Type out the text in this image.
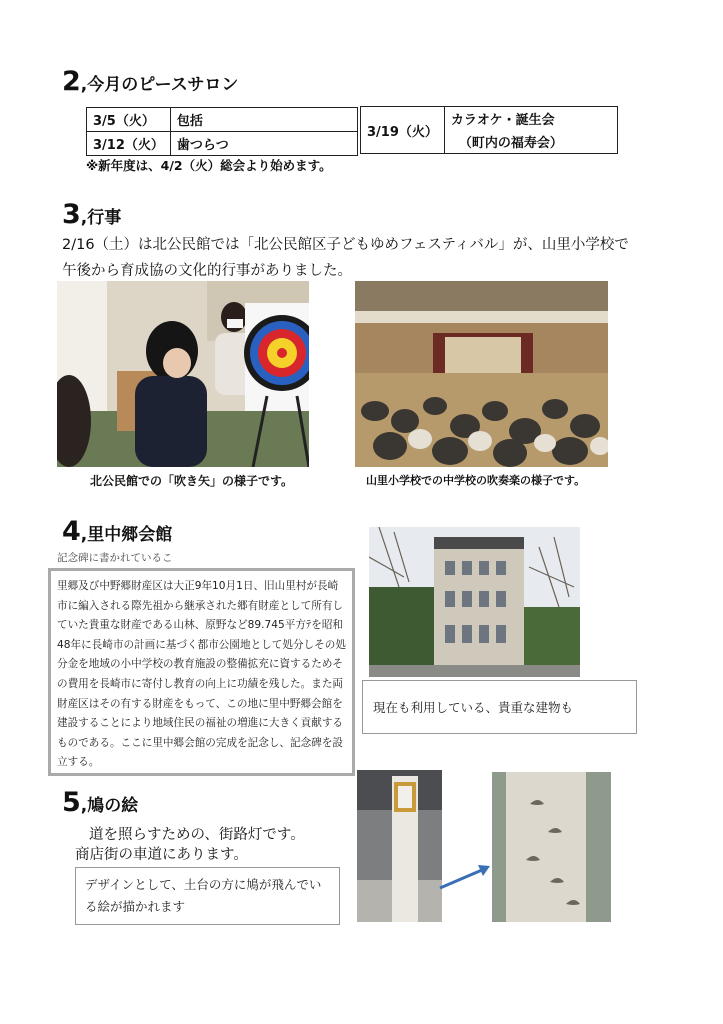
2,今月のピースサロン
3/5（火）	包括
3/12（火）	歯つらつ
3/19（火）	カラオケ・誕生会
（町内の福寿会）
※新年度は、4/2（火）総会より始めます。
3,行事
2/16（土）は北公民館では「北公民館区子どもゆめフェスティバル」が、山里小学校で
午後から育成協の文化的行事がありました。
北公民館での「吹き矢」の様子です。	山里小学校での中学校の吹奏楽の様子です。
4,里中郷会館
記念碑に書かれているこ
里郷及び中野郷財産区は大正9年10月1日、旧山里村が長崎市に編入される際先祖から継承された郷有財産として所有していた貴重な財産である山林、原野など89.745平方ﾃを昭和48年に長崎市の計画に基づく都市公園地として処分しその処分金を地域の小中学校の教育施設の整備拡充に資するためその費用を長崎市に寄付し教育の向上に功績を残した。また両財産区はその有する財産をもって、この地に里中野郷会館を建設することにより地域住民の福祉の増進に大きく貢献するものである。ここに里中郷会館の完成を記念し、記念碑を設立する。
現在も利用している、貴重な建物も
5,鳩の絵
道を照らすための、街路灯です。
商店街の車道にあります。
デザインとして、土台の方に鳩が飛んでいる絵が描かれます
